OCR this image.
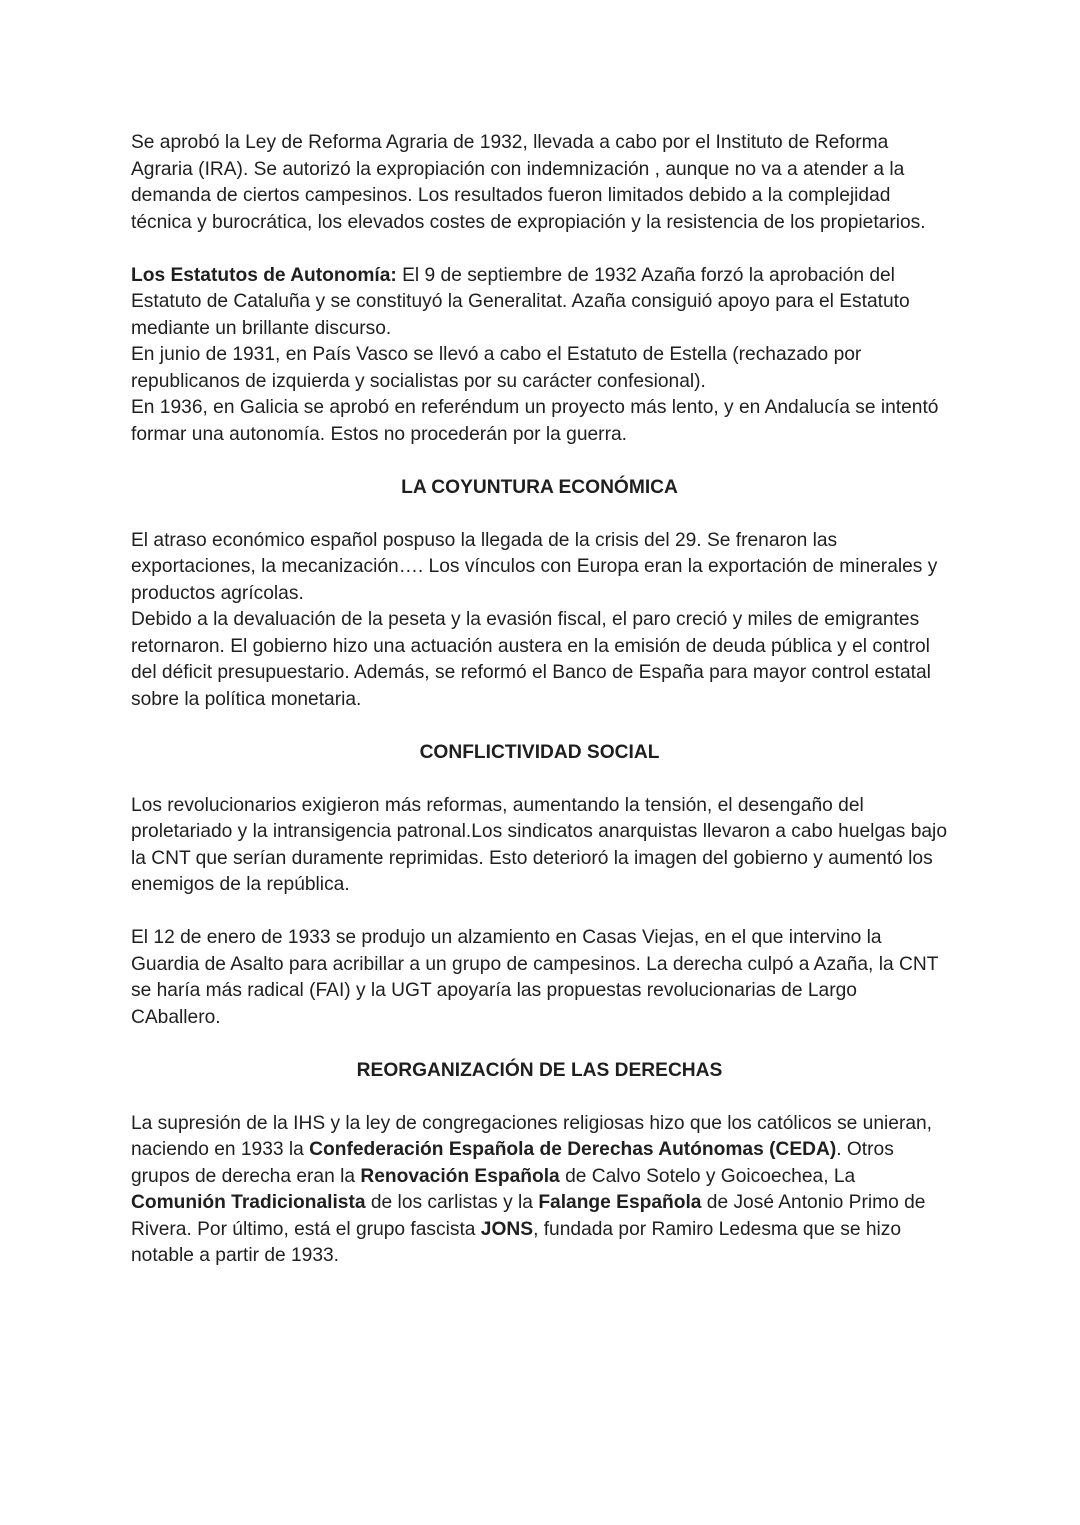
Se aprobó la Ley de Reforma Agraria de 1932, llevada a cabo por el Instituto de Reforma Agraria (IRA). Se autorizó la expropiación con indemnización , aunque no va a atender a la demanda de ciertos campesinos. Los resultados fueron limitados debido a la complejidad técnica y burocrática, los elevados costes de expropiación y la resistencia de los propietarios.

Los Estatutos de Autonomía: El 9 de septiembre de 1932 Azaña forzó la aprobación del Estatuto de Cataluña y se constituyó la Generalitat. Azaña consiguió apoyo para el Estatuto mediante un brillante discurso.

En junio de 1931, en País Vasco se llevó a cabo el Estatuto de Estella (rechazado por republicanos de izquierda y socialistas por su carácter confesional).

En 1936, en Galicia se aprobó en referéndum un proyecto más lento, y en Andalucía se intentó formar una autonomía. Estos no procederán por la guerra.

LA COYUNTURA ECONÓMICA

El atraso económico español pospuso la llegada de la crisis del 29. Se frenaron las exportaciones, la mecanización…. Los vínculos con Europa eran la exportación de minerales y productos agrícolas.

Debido a la devaluación de la peseta y la evasión fiscal, el paro creció y miles de emigrantes retornaron. El gobierno hizo una actuación austera en la emisión de deuda pública y el control del déficit presupuestario. Además, se reformó el Banco de España para mayor control estatal sobre la política monetaria.

CONFLICTIVIDAD SOCIAL

Los revolucionarios exigieron más reformas, aumentando la tensión, el desengaño del proletariado y la intransigencia patronal.Los sindicatos anarquistas llevaron a cabo huelgas bajo la CNT que serían duramente reprimidas. Esto deterioró la imagen del gobierno y aumentó los enemigos de la república.

El 12 de enero de 1933 se produjo un alzamiento en Casas Viejas, en el que intervino la Guardia de Asalto para acribillar a un grupo de campesinos. La derecha culpó a Azaña, la CNT se haría más radical (FAI) y la UGT apoyaría las propuestas revolucionarias de Largo CAballero.

REORGANIZACIÓN DE LAS DERECHAS

La supresión de la IHS y la ley de congregaciones religiosas hizo que los católicos se unieran, naciendo en 1933 la Confederación Española de Derechas Autónomas (CEDA). Otros grupos de derecha eran la Renovación Española de Calvo Sotelo y Goicoechea, La Comunión Tradicionalista de los carlistas y la Falange Española de José Antonio Primo de Rivera. Por último, está el grupo fascista JONS, fundada por Ramiro Ledesma que se hizo notable a partir de 1933.
